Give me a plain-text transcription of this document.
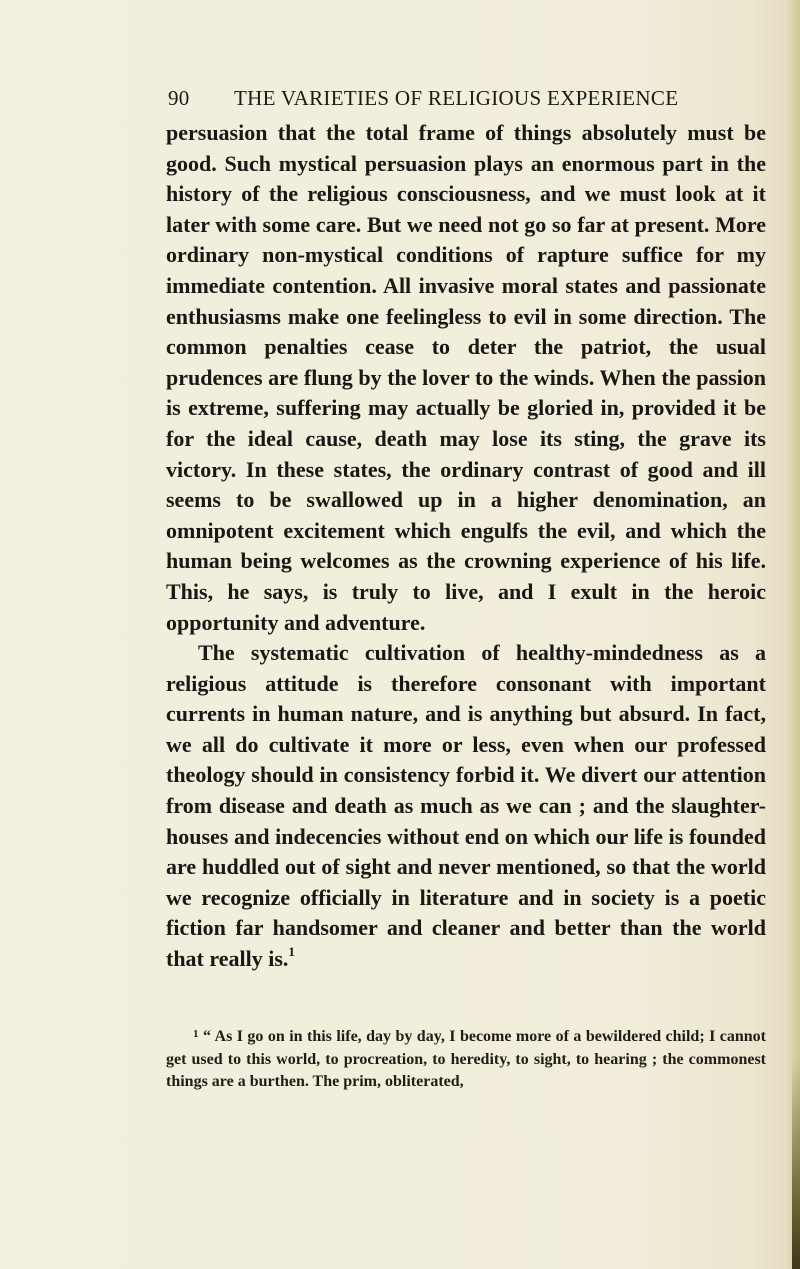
90 THE VARIETIES OF RELIGIOUS EXPERIENCE

persuasion that the total frame of things absolutely must be good. Such mystical persuasion plays an enormous part in the history of the religious consciousness, and we must look at it later with some care. But we need not go so far at present. More ordinary non-mystical conditions of rapture suffice for my immediate contention. All invasive moral states and passionate enthusiasms make one feelingless to evil in some direction. The common penalties cease to deter the patriot, the usual prudences are flung by the lover to the winds. When the passion is extreme, suffering may actually be gloried in, provided it be for the ideal cause, death may lose its sting, the grave its victory. In these states, the ordinary contrast of good and ill seems to be swallowed up in a higher denomination, an omnipotent excitement which engulfs the evil, and which the human being welcomes as the crowning experience of his life. This, he says, is truly to live, and I exult in the heroic opportunity and adventure.

The systematic cultivation of healthy-mindedness as a religious attitude is therefore consonant with important currents in human nature, and is anything but absurd. In fact, we all do cultivate it more or less, even when our professed theology should in consistency forbid it. We divert our attention from disease and death as much as we can ; and the slaughter-houses and indecencies without end on which our life is founded are huddled out of sight and never mentioned, so that the world we recognize officially in literature and in society is a poetic fiction far handsomer and cleaner and better than the world that really is.$^1$

$^1$ “ As I go on in this life, day by day, I become more of a bewildered child; I cannot get used to this world, to procreation, to heredity, to sight, to hearing ; the commonest things are a burthen. The prim, obliterated,
